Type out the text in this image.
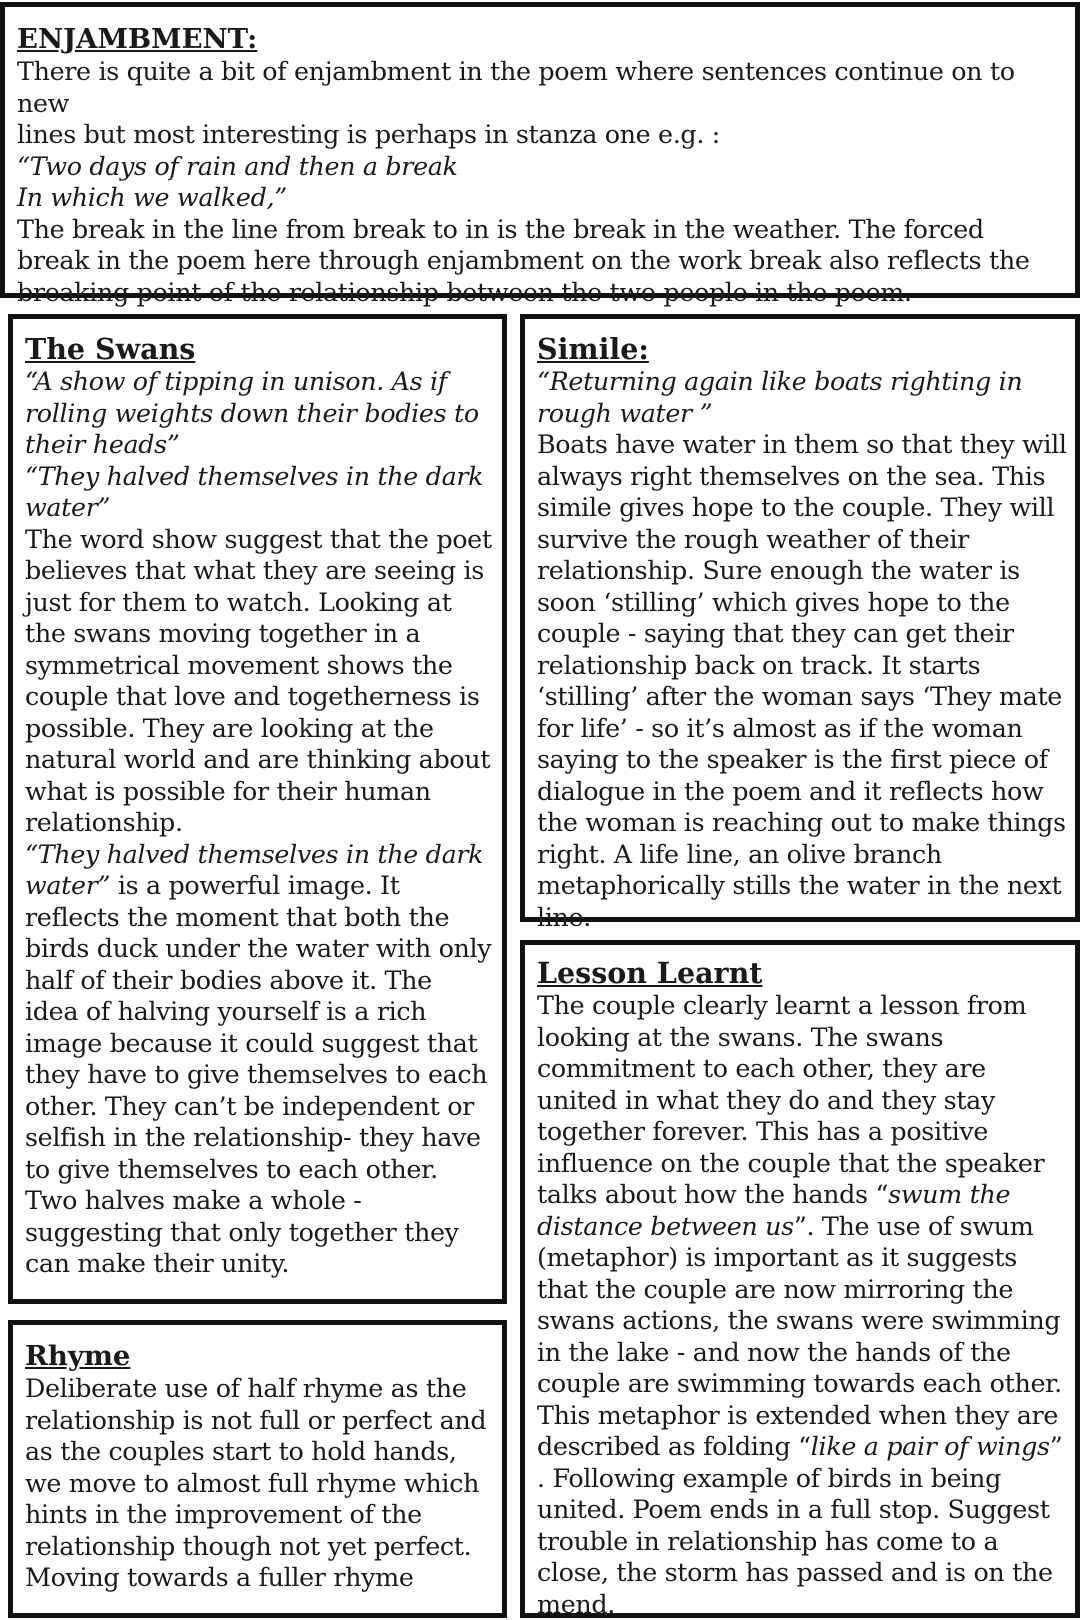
ENJAMBMENT:

There is quite a bit of enjambment in the poem where sentences continue on to new

lines but most interesting is perhaps in stanza one e.g. :

“Two days of rain and then a break

In which we walked,”

The break in the line from break to in is the break in the weather. The forced break in the poem here through enjambment on the work break also reflects the breaking point of the relationship between the two people in the poem.

The Swans

“A show of tipping in unison. As if rolling weights down their bodies to their heads”

“They halved themselves in the dark water”

The word show suggest that the poet believes that what they are seeing is just for them to watch. Looking at the swans moving together in a symmetrical movement shows the couple that love and togetherness is possible. They are looking at the natural world and are thinking about what is possible for their human relationship.

“They halved themselves in the dark water” is a powerful image. It reflects the moment that both the birds duck under the water with only half of their bodies above it. The idea of halving yourself is a rich image because it could suggest that they have to give themselves to each other. They can’t be independent or selfish in the relationship- they have to give themselves to each other. Two halves make a whole - suggesting that only together they can make their unity.

Simile:

“Returning again like boats righting in rough water ”

Boats have water in them so that they will always right themselves on the sea. This simile gives hope to the couple. They will survive the rough weather of their relationship. Sure enough the water is soon ‘stilling’ which gives hope to the couple - saying that they can get their relationship back on track. It starts ‘stilling’ after the woman says ‘They mate for life’ - so it’s almost as if the woman saying to the speaker is the first piece of dialogue in the poem and it reflects how the woman is reaching out to make things right. A life line, an olive branch metaphorically stills the water in the next line.

Lesson Learnt

The couple clearly learnt a lesson from looking at the swans. The swans commitment to each other, they are united in what they do and they stay together forever. This has a positive influence on the couple that the speaker talks about how the hands “swum the distance between us”. The use of swum (metaphor) is important as it suggests that the couple are now mirroring the swans actions, the swans were swimming in the lake - and now the hands of the couple are swimming towards each other. This metaphor is extended when they are described as folding “like a pair of wings” . Following example of birds in being united. Poem ends in a full stop. Suggest trouble in relationship has come to a close, the storm has passed and is on the mend.

Rhyme

Deliberate use of half rhyme as the relationship is not full or perfect and as the couples start to hold hands, we move to almost full rhyme which hints in the improvement of the relationship though not yet perfect. Moving towards a fuller rhyme
